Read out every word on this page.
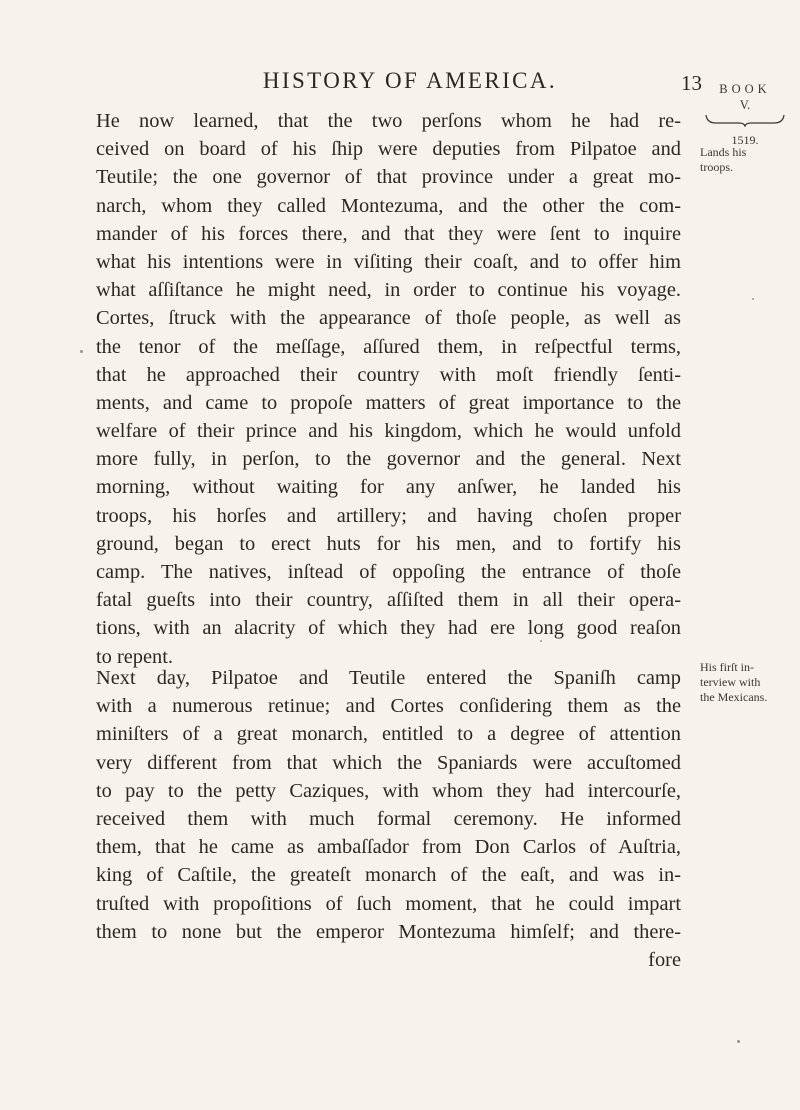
HISTORY OF AMERICA.	13	BOOK
V.
1519.
Lands his
troops.
His firſt in-
terview with
the Mexicans.
He now learned, that the two perſons whom he had re-
ceived on board of his ſhip were deputies from Pilpatoe and
Teutile; the one governor of that province under a great mo-
narch, whom they called Montezuma, and the other the com-
mander of his forces there, and that they were ſent to inquire
what his intentions were in viſiting their coaſt, and to offer him
what aſſiſtance he might need, in order to continue his voyage.
Cortes, ſtruck with the appearance of thoſe people, as well as
the tenor of the meſſage, aſſured them, in reſpectful terms,
that he approached their country with moſt friendly ſenti-
ments, and came to propoſe matters of great importance to the
welfare of their prince and his kingdom, which he would unfold
more fully, in perſon, to the governor and the general. Next
morning, without waiting for any anſwer, he landed his
troops, his horſes and artillery; and having choſen proper
ground, began to erect huts for his men, and to fortify his
camp. The natives, inſtead of oppoſing the entrance of thoſe
fatal gueſts into their country, aſſiſted them in all their opera-
tions, with an alacrity of which they had ere long good reaſon
to repent.
Next day, Pilpatoe and Teutile entered the Spaniſh camp
with a numerous retinue; and Cortes conſidering them as the
miniſters of a great monarch, entitled to a degree of attention
very different from that which the Spaniards were accuſtomed
to pay to the petty Caziques, with whom they had intercourſe,
received them with much formal ceremony. He informed
them, that he came as ambaſſador from Don Carlos of Auſtria,
king of Caſtile, the greateſt monarch of the eaſt, and was in-
truſted with propoſitions of ſuch moment, that he could impart
them to none but the emperor Montezuma himſelf; and there-
fore
